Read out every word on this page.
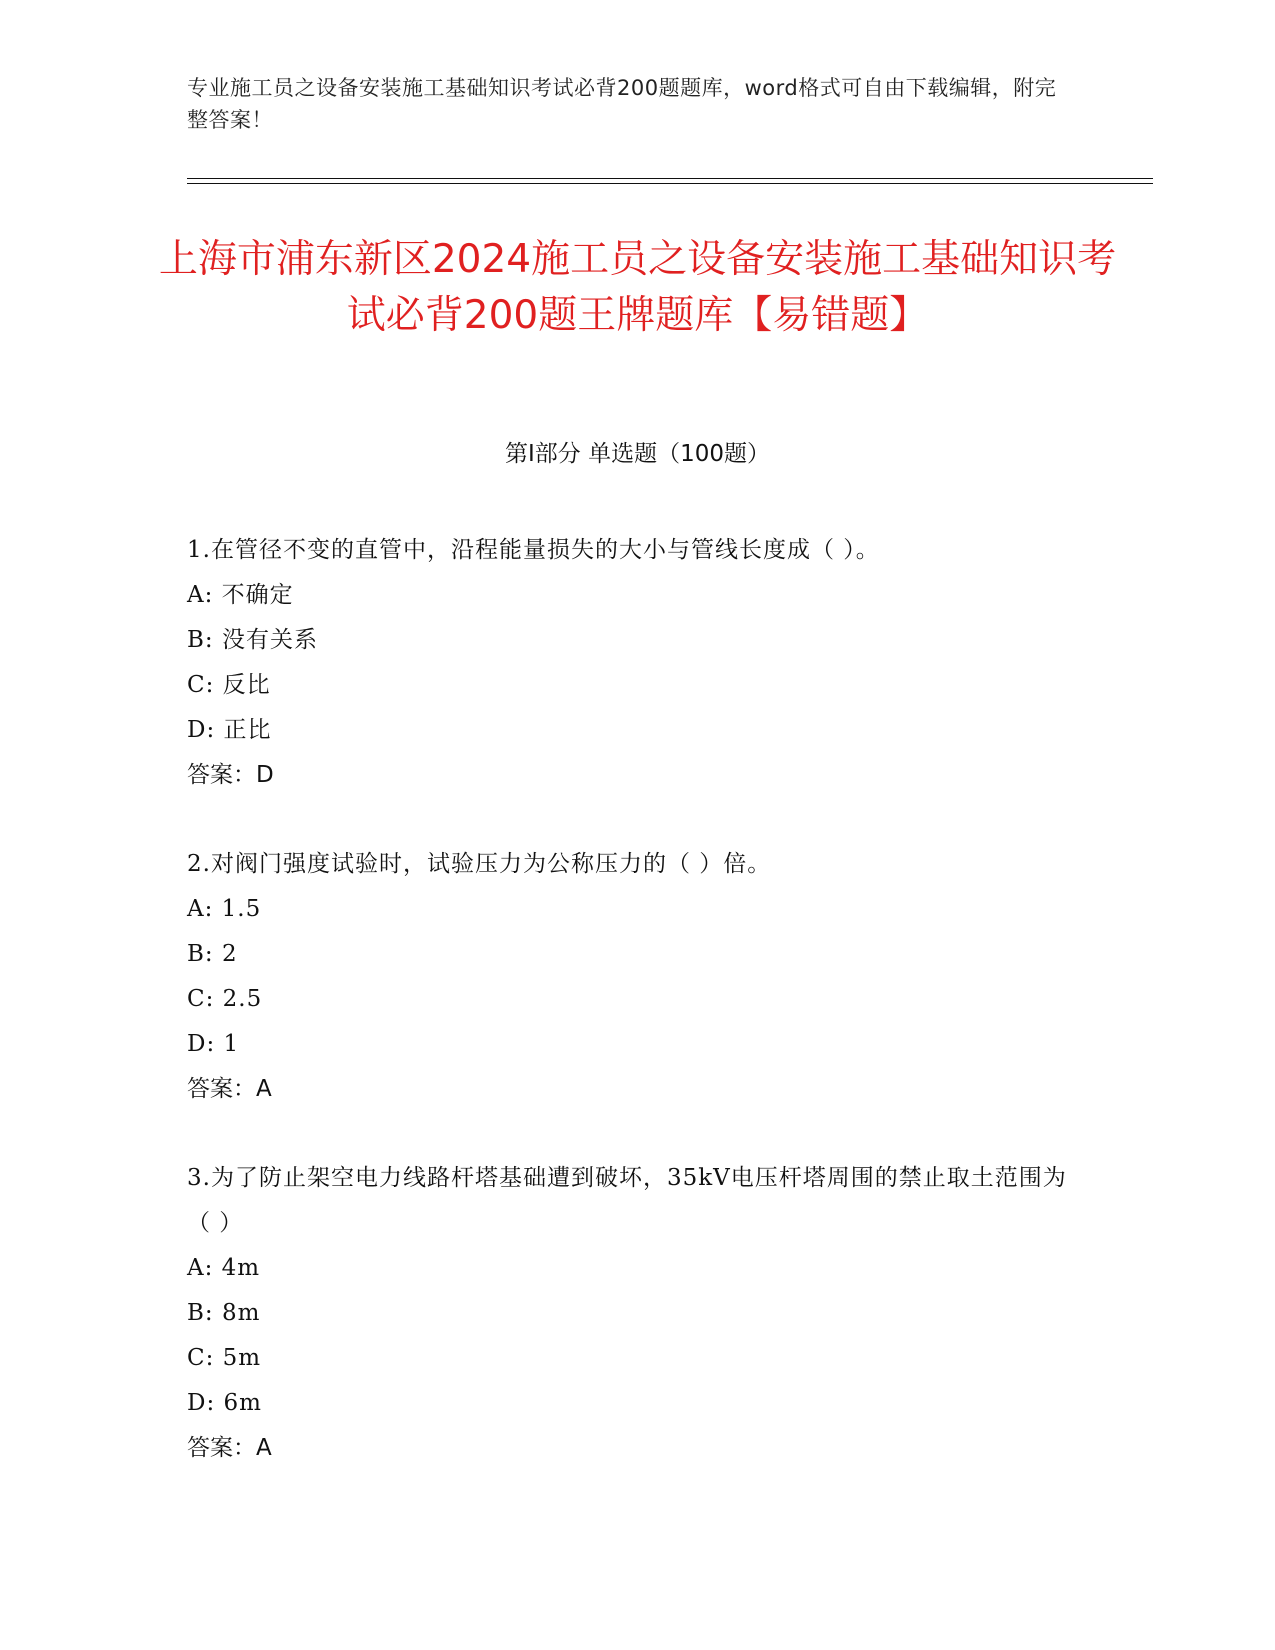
专业施工员之设备安装施工基础知识考试必背200题题库，word格式可自由下载编辑，附完整答案！
上海市浦东新区2024施工员之设备安装施工基础知识考试必背200题王牌题库【易错题】
第Ⅰ部分 单选题（100题）
1.在管径不变的直管中，沿程能量损失的大小与管线长度成（ ）。
A: 不确定
B: 没有关系
C: 反比
D: 正比
答案：D
2.对阀门强度试验时，试验压力为公称压力的（ ）倍。
A: 1.5
B: 2
C: 2.5
D: 1
答案：A
3.为了防止架空电力线路杆塔基础遭到破坏，35kV电压杆塔周围的禁止取土范围为（ ）
A: 4m
B: 8m
C: 5m
D: 6m
答案：A
